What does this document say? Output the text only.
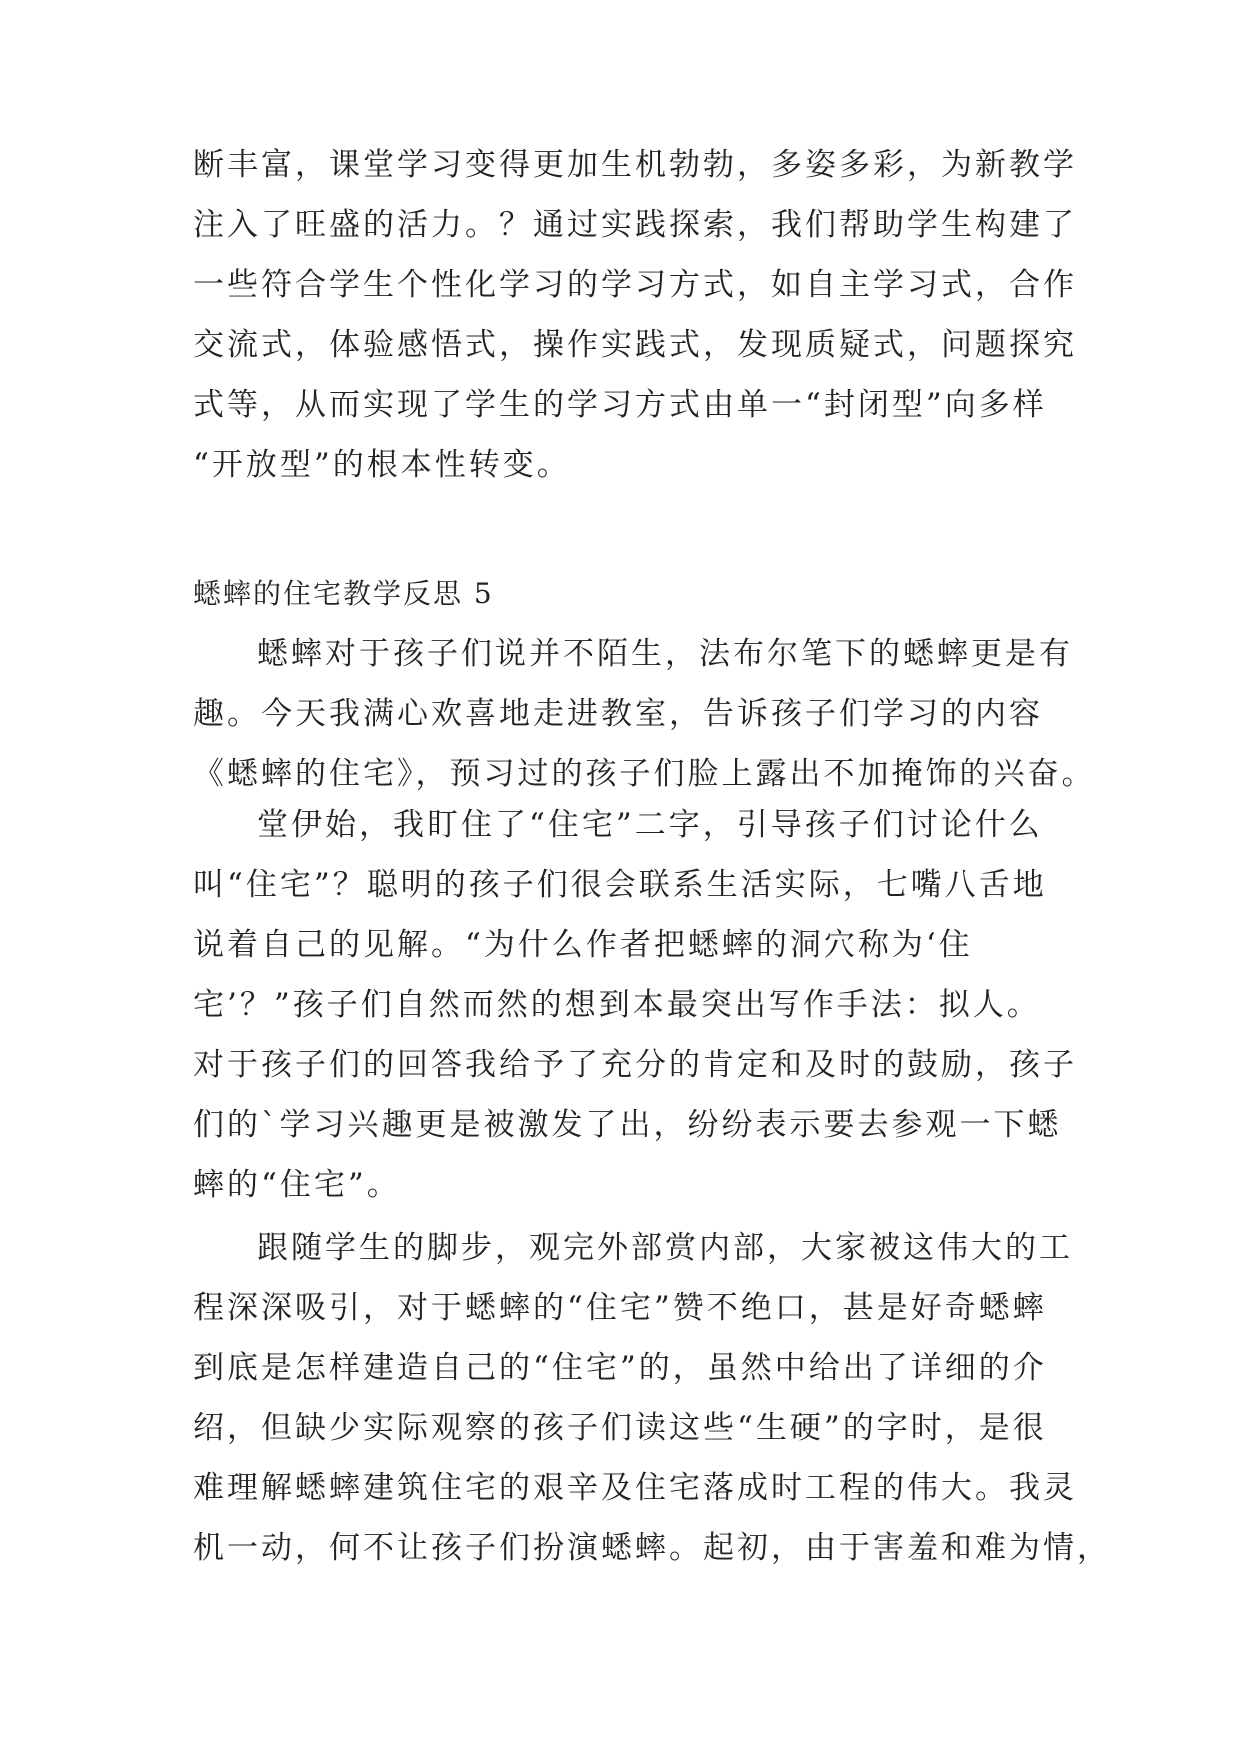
断丰富，课堂学习变得更加生机勃勃，多姿多彩，为新教学
注入了旺盛的活力。？通过实践探索，我们帮助学生构建了
一些符合学生个性化学习的学习方式，如自主学习式，合作
交流式，体验感悟式，操作实践式，发现质疑式，问题探究
式等，从而实现了学生的学习方式由单一“封闭型”向多样
“开放型”的根本性转变。
蟋蟀的住宅教学反思 5
蟋蟀对于孩子们说并不陌生，法布尔笔下的蟋蟀更是有
趣。今天我满心欢喜地走进教室，告诉孩子们学习的内容
《蟋蟀的住宅》，预习过的孩子们脸上露出不加掩饰的兴奋。
堂伊始，我盯住了“住宅”二字，引导孩子们讨论什么
叫“住宅”？聪明的孩子们很会联系生活实际，七嘴八舌地
说着自己的见解。“为什么作者把蟋蟀的洞穴称为‘住
宅’？”孩子们自然而然的想到本最突出写作手法：拟人。
对于孩子们的回答我给予了充分的肯定和及时的鼓励，孩子
们的`学习兴趣更是被激发了出，纷纷表示要去参观一下蟋
蟀的“住宅”。
跟随学生的脚步，观完外部赏内部，大家被这伟大的工
程深深吸引，对于蟋蟀的“住宅”赞不绝口，甚是好奇蟋蟀
到底是怎样建造自己的“住宅”的，虽然中给出了详细的介
绍，但缺少实际观察的孩子们读这些“生硬”的字时，是很
难理解蟋蟀建筑住宅的艰辛及住宅落成时工程的伟大。我灵
机一动，何不让孩子们扮演蟋蟀。起初，由于害羞和难为情，
